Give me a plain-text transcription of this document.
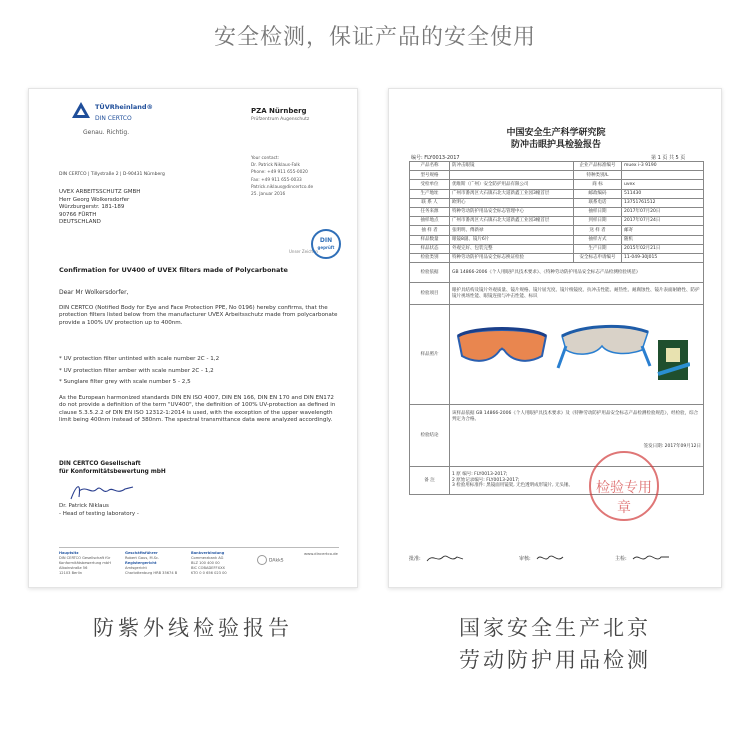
安全检测，保证产品的安全使用
TÜVRheinland®
DIN CERTCO
Genau. Richtig.
PZA Nürnberg
Prüfzentrum Augenschutz
DIN CERTCO | Tillystraße 2 | D-90431 Nürnberg
UVEX ARBEITSSCHUTZ GMBH
Herr Georg Wolkersdorfer
Würzburgerstr. 181-189
90766 FÜRTH
DEUTSCHLAND
Your contact:
Dr. Patrick Niklaus-Falk
Phone: +49 911 655-0020
Fax: +49 911 655-0033
Patrick.niklaus@dincertco.de
25. Januar 2016
Unser Zeichen
DIN
geprüft
Confirmation for UV400 of UVEX filters made of Polycarbonate
Dear Mr Wolkersdorfer,
DIN CERTCO (Notified Body for Eye and Face Protection PPE, No 0196) hereby confirms, that the protection filters listed below from the manufacturer UVEX Arbeitsschutz made from polycarbonate provide a 100% UV protection up to 400nm.
* UV protection filter untinted with scale number 2C - 1,2
* UV protection filter amber with scale number 2C - 1,2
* Sunglare filter grey with scale number 5 - 2,5
As the European harmonized standards DIN EN ISO 4007, DIN EN 166, DIN EN 170 and DIN EN172 do not provide a definition of the term "UV400", the definition of 100% UV-protection as defined in clause 5.3.5.2.2 of DIN EN ISO 12312-1:2014 is used, with the exception of the upper wavelength limit being 400nm instead of 380nm. The spectral transmittance data were analyzed accordingly.
DIN CERTCO Gesellschaft
für Konformitätsbewertung mbH
Dr. Patrick Niklaus
- Head of testing laboratory -
Hauptsitz
DIN CERTCO Gesellschaft für
Konformitätsbewertung mbH
Alboinstraße 56
12103 Berlin
Geschäftsführer
Robert Gaus, M.Sc.
Registergericht
Amtsgericht
Charlottenburg HRB 35674 B
Bankverbindung
Commerzbank AG
BLZ 100 400 00
BIC COBADEFFXXX
KTO 0 0 656 023 00
DAkkS
www.dincertco.de
中国安全生产科学研究院
防冲击眼护具检验报告
编号: FLY0013-2017	第 1 页 共 5 页
产品名称	防冲击眼镜	企业产品标准编号	muex i-3 9190
型号规格		特种类别/L	
受检单位	优唯斯（广州）安全防护用品有限公司	商 标	uvex
生产地址	广州市番禺区大石镇石北大道新鑫工业园3幢首层	邮政编码	511430
联 系 人	欧明心	联系电话	13751761512
任务来源	特种劳动防护用品安全标志管理中心	抽样日期	2017年07月20日
抽样地点	广州市番禺区大石镇石北大道新鑫工业园3幢首层	到样日期	2017年07月24日
抽 样 者	张明明、傅新禄	送 样 者	邮寄
样品数量	眼镜8副、镜片6片	抽样方式	随机
样品状态	外观完好、包装完整	生产日期	2015年02月21日
检验类别	特种劳动防护用品安全标志换证检验	安全标志申请编号	11-049-30J015
检验依据	GB 14866-2006《个人用眼护具技术要求》、《特种劳动防护用品安全标志产品检测检验规范》		
检验项目	眼护具结构及镜片外观质量、镜片规格、镜片屈光度、镜片棱镜度、抗冲击性能、耐热性、耐腐蚀性、镜片表面耐磨性、防护镜片视场性能、眼镜连接与冲击性能、标识		
样品照片	

检验结论	该样品依据 GB 14866-2006《个人用眼护具技术要求》及《特种劳动防护用品安全标志产品检测检验规范》，经检验，综合判定为合格。
签发日期: 2017年09月12日		

备 注	1 原 编号: FLY0013-2017;
2 原始记录编号: FLY0013-2017;
3 检验用标准件: 黑镜面用镜架, 无色透明成形镜片, 无头锤。			检验专用章
批准:	审核:	主检:
防紫外线检验报告	国家安全生产北京
劳动防护用品检测
